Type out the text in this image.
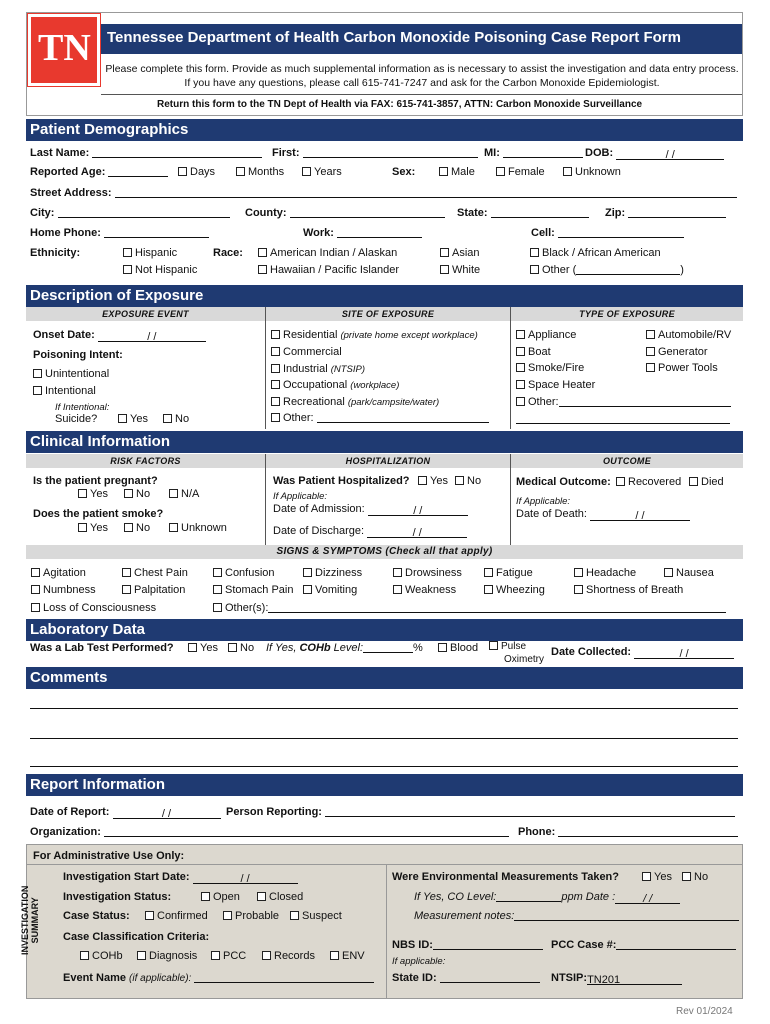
TN Tennessee Department of Health Carbon Monoxide Poisoning Case Report Form
Please complete this form. Provide as much supplemental information as is necessary to assist the investigation and data entry process. If you have any questions, please call 615-741-7247 and ask for the Carbon Monoxide Epidemiologist.
Return this form to the TN Dept of Health via FAX: 615-741-3857, ATTN: Carbon Monoxide Surveillance
Patient Demographics
Last Name:	First:	MI:	DOB:	/ /
Reported Age:	Days	Months	Years	Sex:	Male	Female	Unknown
Street Address:
City:	County:	State:	Zip:
Home Phone:	Work:	Cell:
Ethnicity:	Hispanic
Not Hispanic
Race:	American Indian / Alaskan
Hawaiian / Pacific Islander
Asian
White
Black / African American
Other (	)
Description of Exposure
EXPOSURE EVENT	SITE OF EXPOSURE	TYPE OF EXPOSURE
Onset Date:	/ /
Poisoning Intent:
Unintentional
Intentional
If Intentional:
Suicide?	Yes	No
Residential (private home except workplace)
Commercial
Industrial (NTSIP)
Occupational (workplace)
Recreational (park/campsite/water)
Other:
Appliance
Boat
Smoke/Fire
Space Heater
Other:
Automobile/RV
Generator
Power Tools
Clinical Information
RISK FACTORS	HOSPITALIZATION	OUTCOME
Is the patient pregnant?
Yes	No	N/A
Does the patient smoke?
Yes	No	Unknown
Was Patient Hospitalized?	Yes	No
If Applicable:
Date of Admission:	/ /
Date of Discharge:	/ /
Medical Outcome:	Recovered	Died
If Applicable:
Date of Death:	/ /
SIGNS & SYMPTOMS (Check all that apply)
Agitation	Chest Pain	Confusion	Dizziness	Drowsiness	Fatigue	Headache	Nausea
Numbness	Palpitation	Stomach Pain	Vomiting	Weakness	Wheezing	Shortness of Breath
Loss of Consciousness	Other(s):
Laboratory Data
Was a Lab Test Performed?	Yes	No If Yes, COHb Level:	%	Blood	Pulse
Oximetry
Date Collected:	/ /
Comments
Report Information
Date of Report:	/ /	Person Reporting:
Organization:	Phone:
For Administrative Use Only:
INVESTIGATION
SUMMARY
Investigation Start Date:	/ /
Investigation Status:	Open	Closed
Case Status:	Confirmed	Probable	Suspect
Case Classification Criteria:
COHb	Diagnosis	PCC	Records	ENV
Event Name (if applicable):
Were Environmental Measurements Taken?	Yes	No
If Yes, CO Level:	ppm Date :	/ /
Measurement notes:
NBS ID:	PCC Case #:
If applicable:
State ID:	NTSIP:TN201
Rev 01/2024
